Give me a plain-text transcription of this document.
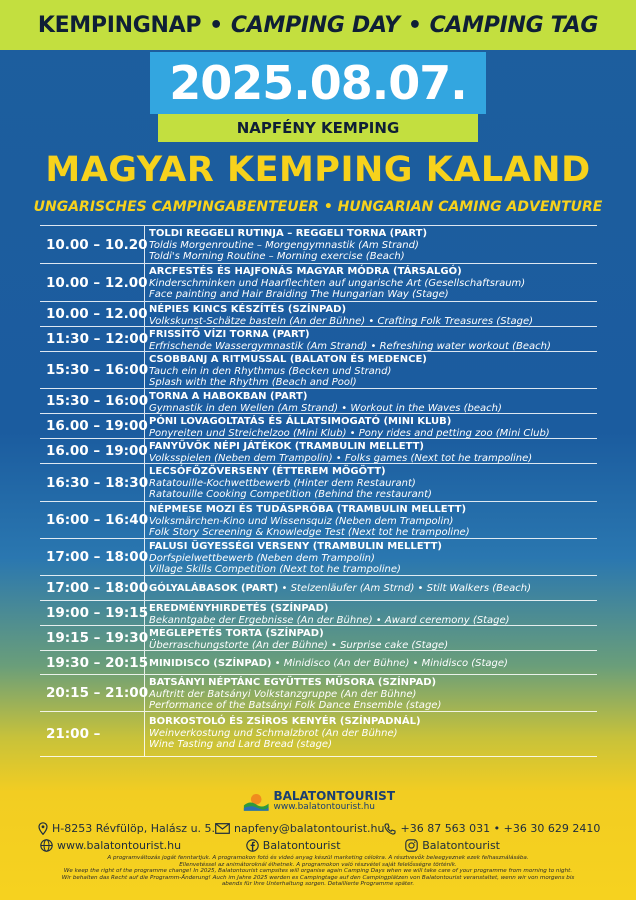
KEMPINGNAP • CAMPING DAY • CAMPING TAG
2025.08.07.
NAPFÉNY KEMPING
MAGYAR KEMPING KALAND
UNGARISCHES CAMPINGABENTEUER • HUNGARIAN CAMING ADVENTURE
10.00 – 10.20
TOLDI REGGELI RUTINJA – REGGELI TORNA (PART)
Toldis Morgenroutine – Morgengymnastik (Am Strand)
Toldi's Morning Routine – Morning exercise (Beach)
10.00 – 12.00
ARCFESTÉS ÉS HAJFONÁS MAGYAR MÓDRA (TÁRSALGÓ)
Kinderschminken und Haarflechten auf ungarische Art (Gesellschaftsraum)
Face painting and Hair Braiding The Hungarian Way (Stage)
10.00 – 12.00 NÉPIES KINCS KÉSZÍTÉS (SZÍNPAD)
Volkskunst-Schätze basteln (An der Bühne) • Crafting Folk Treasures (Stage)
11:30 – 12:00 FRISSÍTŐ VÍZI TORNA (PART)
Erfrischende Wassergymnastik (Am Strand) • Refreshing water workout (Beach)
15:30 – 16:00
CSOBBANJ A RITMUSSAL (BALATON ÉS MEDENCE)
Tauch ein in den Rhythmus (Becken und Strand)
Splash with the Rhythm (Beach and Pool)
15:30 – 16:00 TORNA A HABOKBAN (PART)
Gymnastik in den Wellen (Am Strand) • Workout in the Waves (beach)
16.00 – 19:00 PÓNI LOVAGOLTATÁS ÉS ÁLLATSIMOGATÓ (MINI KLUB)
Ponyreiten und Streichelzoo (Mini Klub) • Pony rides and petting zoo (Mini Club)
16.00 – 19:00 FANYŰVŐK NÉPI JÁTÉKOK (TRAMBULIN MELLETT)
Volksspielen (Neben dem Trampolin) • Folks games (Next tot he trampoline)
16:30 – 18:30
LECSÓFŐZŐVERSENY (ÉTTEREM MÖGÖTT)
Ratatouille-Kochwettbewerb (Hinter dem Restaurant)
Ratatouille Cooking Competition (Behind the restaurant)
16:00 – 16:40
NÉPMESE MOZI ÉS TUDÁSPRÓBA (TRAMBULIN MELLETT)
Volksmärchen-Kino und Wissensquiz (Neben dem Trampolin)
Folk Story Screening & Knowledge Test (Next tot he trampoline)
17:00 – 18:00
FALUSI ÜGYESSÉGI VERSENY (TRAMBULIN MELLETT)
Dorfspielwettbewerb (Neben dem Trampolin)
Village Skills Competition (Next tot he trampoline)
17:00 – 18:00 GÓLYALÁBASOK (PART) • Stelzenläufer (Am Strnd) • Stilt Walkers (Beach)
19:00 – 19:15 EREDMÉNYHIRDETÉS (SZÍNPAD)
Bekanntgabe der Ergebnisse (An der Bühne) • Award ceremony (Stage)
19:15 – 19:30 MEGLEPETÉS TORTA (SZÍNPAD)
Überraschungstorte (An der Bühne) • Surprise cake (Stage)
19:30 – 20:15 MINIDISCO (SZÍNPAD) • Minidisco (An der Bühne) • Minidisco (Stage)
20:15 – 21:00
BATSÁNYI NÉPTÁNC EGYÜTTES MŰSORA (SZÍNPAD)
Auftritt der Batsányi Volkstanzgruppe (An der Bühne)
Performance of the Batsányi Folk Dance Ensemble (stage)
21:00 –
BORKOSTOLÓ ÉS ZSÍROS KENYÉR (SZÍNPADNÁL)
Weinverkostung und Schmalzbrot (An der Bühne)
Wine Tasting and Lard Bread (stage)
BALATONTOURIST
www.balatontourist.hu
H-8253 Révfülöp, Halász u. 5. napfeny@balatontourist.hu +36 87 563 031 • +36 30 629 2410
www.balatontourist.hu	Balatontourist	Balatontourist
A programváltozás jogát fenntartjuk. A programokon fotó és videó anyag készül marketing célokra. A résztvevők beleegyeznek ezek felhasználásába.
Ellenvetéssel az animátoroknál élhetnek. A programokon való részvétel saját felelősségre történik.
We keep the right of the programme change! In 2025, Balatontourist campsites will organise again Camping Days when we will take care of your programme from morning to night.
Wir behalten das Recht auf die Programm-Änderung! Auch im Jahre 2025 werden es Campingtage auf den Campingplätzen von Balatontourist veranstaltet, wenn wir von morgens bis
abends für Ihre Unterhaltung sorgen. Detaillierte Programme später.
